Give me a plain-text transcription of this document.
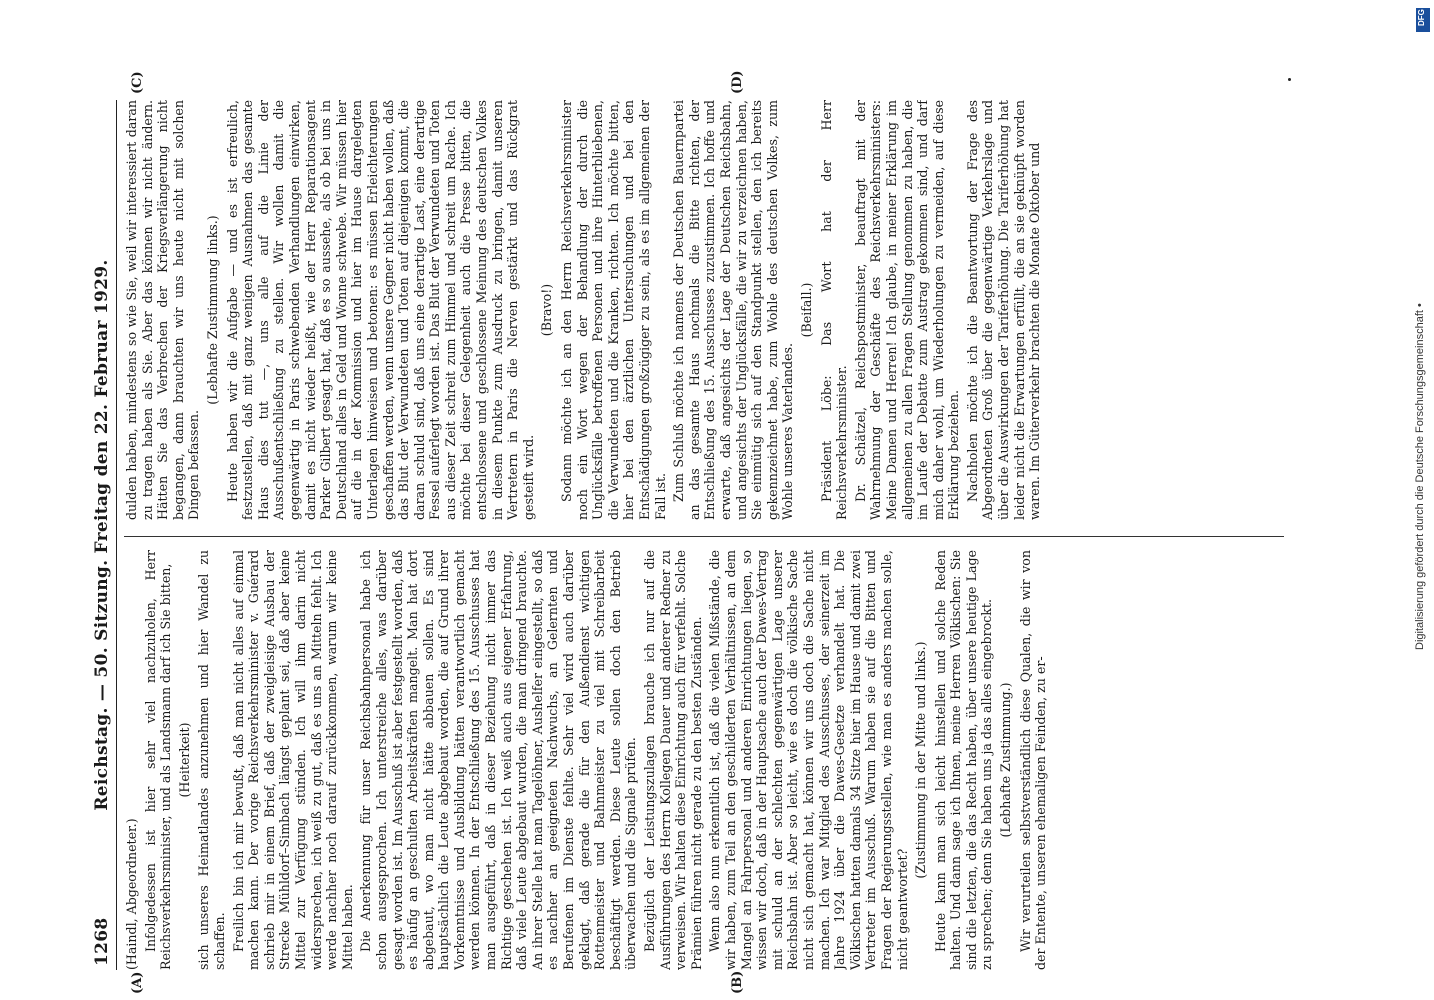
1268
Reichstag. — 50. Sitzung. Freitag den 22. Februar 1929.

(Haindl, Abgeordneter.) Infolgedessen ist hier sehr viel nachzuholen, Herr Reichsverkehrsminister, und als Landsmann darf ich Sie bitten, (Heiterkeit) sich unseres Heimatlandes anzunehmen und hier Wandel zu schaffen. Freilich bin ich mir bewußt, daß man nicht alles auf einmal machen kann. Der vorige Reichsverkehrsminister v. Guérard schrieb mir in einem Brief, daß der zweigleisige Ausbau der Strecke Mühldorf–Simbach längst geplant sei, daß aber keine Mittel zur Verfügung stünden. Ich will ihm darin nicht widersprechen, ich weiß zu gut, daß es uns an Mitteln fehlt. Ich werde nachher noch darauf zurückkommen, warum wir keine Mittel haben. Die Anerkennung für unser Reichsbahnpersonal habe ich schon ausgesprochen. Ich unterstreiche alles, was darüber gesagt worden ist. Im Ausschuß ist aber festgestellt worden, daß es häufig an geschulten Arbeitskräften mangelt. Man hat dort abgebaut, wo man nicht hätte abbauen sollen. Es sind hauptsächlich die Leute abgebaut worden, die auf Grund ihrer Vorkenntnisse und Ausbildung hätten verantwortlich gemacht werden können. In der Entschließung des 15. Ausschusses hat man ausgeführt, daß in dieser Beziehung nicht immer das Richtige geschehen ist. Ich weiß auch aus eigener Erfahrung, daß viele Leute abgebaut wurden, die man dringend brauchte. An ihrer Stelle hat man Tagelöhner, Aushelfer eingestellt, so daß es nachher an geeigneten Nachwuchs, an Gelernten und Berufenen im Dienste fehlte. Sehr viel wird auch darüber geklagt, daß gerade die für den Außendienst wichtigen Rottenmeister und Bahnmeister zu viel mit Schreibarbeit beschäftigt werden. Diese Leute sollen doch den Betrieb überwachen und die Signale prüfen. Bezüglich der Leistungszulagen brauche ich nur auf die Ausführungen des Herrn Kollegen Dauer und anderer Redner zu verweisen. Wir halten diese Einrichtung auch für verfehlt. Solche Prämien führen nicht gerade zu den besten Zuständen. Wenn also nun erkenntlich ist, daß die vielen Mißstände, die wir haben, zum Teil an den geschilderten Verhältnissen, an dem Mangel an Fahrpersonal und anderen Einrichtungen liegen, so wissen wir doch, daß in der Hauptsache auch der Dawes-Vertrag mit schuld an der schlechten gegenwärtigen Lage unserer Reichsbahn ist. Aber so leicht, wie es doch die völkische Sache nicht sich gemacht hat, können wir uns doch die Sache nicht machen. Ich war Mitglied des Ausschusses, der seinerzeit im Jahre 1924 über die Dawes-Gesetze verhandelt hat. Die Völkischen hatten damals 34 Sitze hier im Hause und damit zwei Vertreter im Ausschuß. Warum haben sie auf die Bitten und Fragen der Regierungsstellen, wie man es anders machen solle, nicht geantwortet?

(Zustimmung in der Mitte und links.) Heute kann man sich leicht hinstellen und solche Reden halten. Und dann sage ich Ihnen, meine Herren Völkischen: Sie sind die letzten, die das Recht haben, über unsere heutige Lage zu sprechen; denn Sie haben uns ja das alles eingebrockt. (Lebhafte Zustimmung.) Wir verurteilen selbstverständlich diese Qualen, die wir von der Entente, unseren ehemaligen Feinden, zu er-

dulden haben, mindestens so wie Sie, weil wir interessiert daran zu tragen haben als Sie. Aber das können wir nicht ändern. Hätten Sie das Verbrechen der Kriegsverlängerung nicht begangen, dann brauchten wir uns heute nicht mit solchen Dingen befassen.

(Lebhafte Zustimmung links.) Heute haben wir die Aufgabe — und es ist erfreulich, festzustellen, daß mit ganz wenigen Ausnahmen das gesamte Haus dies tut —, uns alle auf die Linie der Ausschußentschließung zu stellen. Wir wollen damit die gegenwärtig in Paris schwebenden Verhandlungen einwirken, damit es nicht wieder heißt, wie der Herr Reparationsagent Parker Gilbert gesagt hat, daß es so aussehe, als ob bei uns in Deutschland alles in Geld und Wonne schwebe. Wir müssen hier auf die in der Kommission und hier im Hause dargelegten Unterlagen hinweisen und betonen: es müssen Erleichterungen geschaffen werden, wenn unsere Gegner nicht haben wollen, daß das Blut der Verwundeten und Toten auf diejenigen kommt, die daran schuld sind, daß uns eine derartige Last, eine derartige Fessel auferlegt worden ist. Das Blut der Verwundeten und Toten aus dieser Zeit schreit zum Himmel und schreit um Rache. Ich möchte bei dieser Gelegenheit auch die Presse bitten, die entschlossene und geschlossene Meinung des deutschen Volkes in diesem Punkte zum Ausdruck zu bringen, damit unseren Vertretern in Paris die Nerven gestärkt und das Rückgrat gesteift wird.

(Bravo!) Sodann möchte ich an den Herrn Reichsverkehrsminister noch ein Wort wegen der Behandlung der durch die Unglücksfälle betroffenen Personen und ihre Hinterbliebenen, die Verwundeten und die Kranken, richten. Ich möchte bitten, hier bei den ärztlichen Untersuchungen und bei den Entschädigungen großzügiger zu sein, als es im allgemeinen der Fall ist. Zum Schluß möchte ich namens der Deutschen Bauernpartei an das gesamte Haus nochmals die Bitte richten, der Entschließung des 15. Ausschusses zuzustimmen. Ich hoffe und erwarte, daß angesichts der Lage der Deutschen Reichsbahn, und angesichts der Unglücksfälle, die wir zu verzeichnen haben, Sie einmütig sich auf den Standpunkt stellen, den ich bereits gekennzeichnet habe, zum Wohle des deutschen Volkes, zum Wohle unseres Vaterlandes.

(Beifall.) Präsident Löbe: Das Wort hat der Herr Reichsverkehrsminister. Dr. Schätzel, Reichspostminister, beauftragt mit der Wahrnehmung der Geschäfte des Reichsverkehrsministers: Meine Damen und Herren! Ich glaube, in meiner Erklärung im allgemeinen zu allen Fragen Stellung genommen zu haben, die im Laufe der Debatte zum Austrag gekommen sind, und darf mich daher wohl, um Wiederholungen zu vermeiden, auf diese Erklärung beziehen. Nachholen möchte ich die Beantwortung der Frage des Abgeordneten Groß über die gegenwärtige Verkehrslage und über die Auswirkungen der Tariferhöhung. Die Tariferhöhung hat leider nicht die Erwartungen erfüllt, die an sie geknüpft worden waren. Im Güterverkehr brachten die Monate Oktober und

(A)	(B)
(C)	(D)
DFG
Digitalisierung gefördert durch die Deutsche Forschungsgemeinschaft •
